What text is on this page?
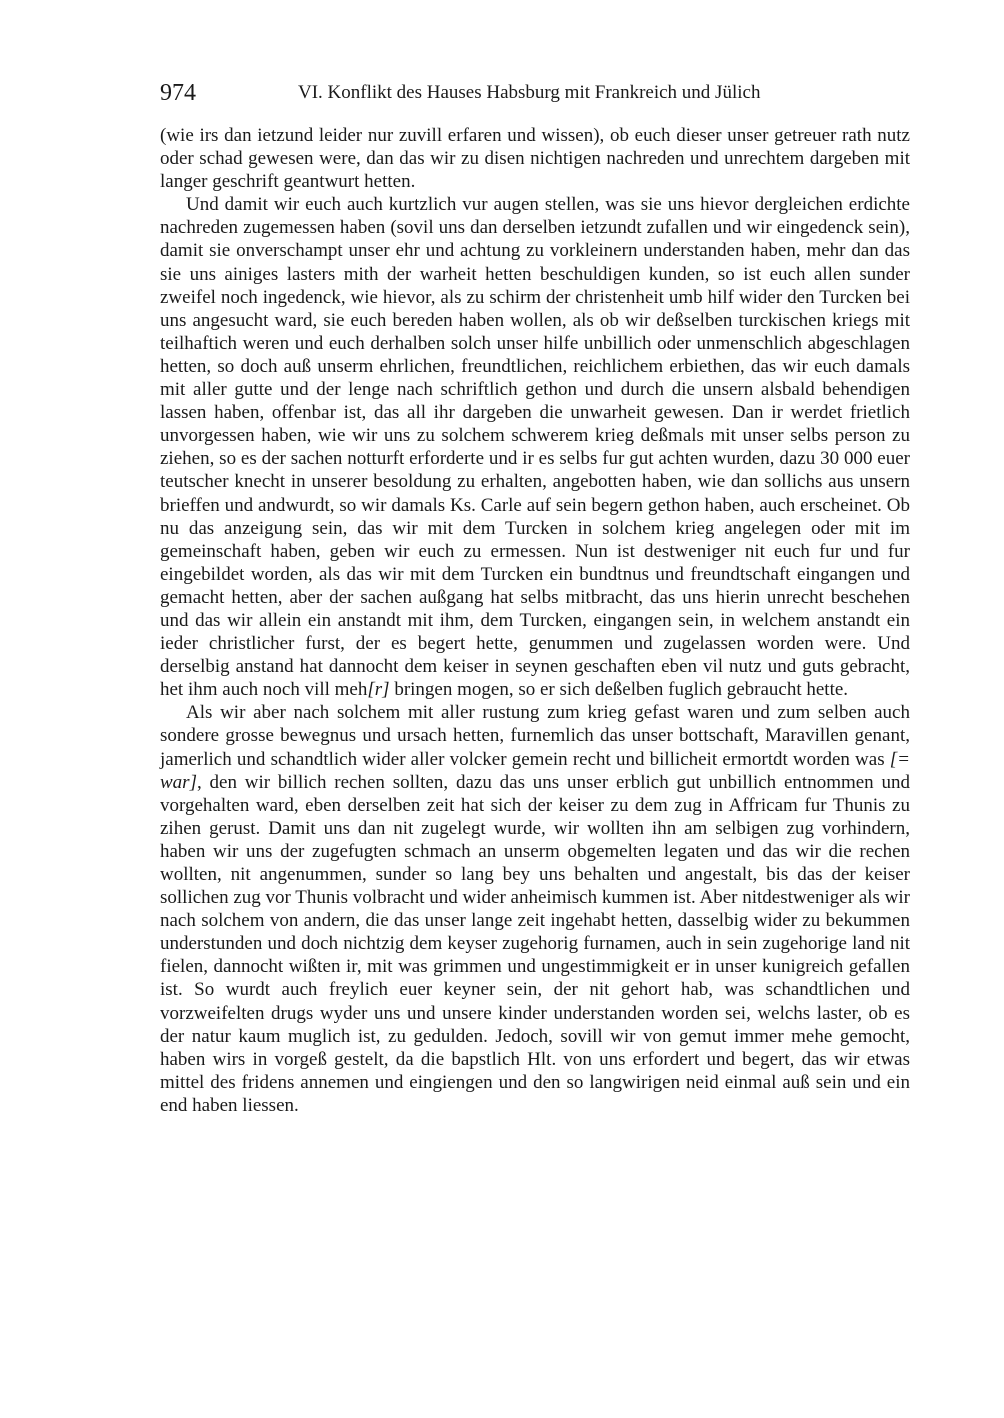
974	VI. Konflikt des Hauses Habsburg mit Frankreich und Jülich

(wie irs dan ietzund leider nur zuvill erfaren und wissen), ob euch dieser unser getreuer rath nutz oder schad gewesen were, dan das wir zu disen nichtigen nachreden und unrechtem dargeben mit langer geschrift geantwurt hetten.

Und damit wir euch auch kurtzlich vur augen stellen, was sie uns hievor dergleichen erdichte nachreden zugemessen haben (sovil uns dan derselben ietzundt zufallen und wir eingedenck sein), damit sie onverschampt unser ehr und achtung zu vorkleinern understanden haben, mehr dan das sie uns ainiges lasters mith der warheit hetten beschuldigen kunden, so ist euch allen sunder zweifel noch ingedenck, wie hievor, als zu schirm der christenheit umb hilf wider den Turcken bei uns angesucht ward, sie euch bereden haben wollen, als ob wir deßselben turckischen kriegs mit teilhaftich weren und euch derhalben solch unser hilfe unbillich oder unmenschlich abgeschlagen hetten, so doch auß unserm ehrlichen, freundtlichen, reichlichem erbiethen, das wir euch damals mit aller gutte und der lenge nach schriftlich gethon und durch die unsern alsbald behendigen lassen haben, offenbar ist, das all ihr dargeben die unwarheit gewesen. Dan ir werdet frietlich unvorgessen haben, wie wir uns zu solchem schwerem krieg deßmals mit unser selbs person zu ziehen, so es der sachen notturft erforderte und ir es selbs fur gut achten wurden, dazu 30 000 euer teutscher knecht in unserer besoldung zu erhalten, angebotten haben, wie dan sollichs aus unsern brieffen und andwurdt, so wir damals Ks. Carle auf sein begern gethon haben, auch erscheinet. Ob nu das anzeigung sein, das wir mit dem Turcken in solchem krieg angelegen oder mit im gemeinschaft haben, geben wir euch zu ermessen. Nun ist destweniger nit euch fur und fur eingebildet worden, als das wir mit dem Turcken ein bundtnus und freundtschaft eingangen und gemacht hetten, aber der sachen außgang hat selbs mitbracht, das uns hierin unrecht beschehen und das wir allein ein anstandt mit ihm, dem Turcken, eingangen sein, in welchem anstandt ein ieder christlicher furst, der es begert hette, genummen und zugelassen worden were. Und derselbig anstand hat dannocht dem keiser in seynen geschaften eben vil nutz und guts gebracht, het ihm auch noch vill meh[r] bringen mogen, so er sich deßelben fuglich gebraucht hette.

Als wir aber nach solchem mit aller rustung zum krieg gefast waren und zum selben auch sondere grosse bewegnus und ursach hetten, furnemlich das unser bottschaft, Maravillen genant, jamerlich und schandtlich wider aller volcker gemein recht und billicheit ermortdt worden was [= war], den wir billich rechen sollten, dazu das uns unser erblich gut unbillich entnommen und vorgehalten ward, eben derselben zeit hat sich der keiser zu dem zug in Affricam fur Thunis zu zihen gerust. Damit uns dan nit zugelegt wurde, wir wollten ihn am selbigen zug vorhindern, haben wir uns der zugefugten schmach an unserm obgemelten legaten und das wir die rechen wollten, nit angenummen, sunder so lang bey uns behalten und angestalt, bis das der keiser sollichen zug vor Thunis volbracht und wider anheimisch kummen ist. Aber nitdestweniger als wir nach solchem von andern, die das unser lange zeit ingehabt hetten, dasselbig wider zu bekummen understunden und doch nichtzig dem keyser zugehorig furnamen, auch in sein zugehorige land nit fielen, dannocht wißten ir, mit was grimmen und ungestimmigkeit er in unser kunigreich gefallen ist. So wurdt auch freylich euer keyner sein, der nit gehort hab, was schandtlichen und vorzweifelten drugs wyder uns und unsere kinder understanden worden sei, welchs laster, ob es der natur kaum muglich ist, zu gedulden. Jedoch, sovill wir von gemut immer mehe gemocht, haben wirs in vorgeß gestelt, da die bapstlich Hlt. von uns erfordert und begert, das wir etwas mittel des fridens annemen und eingiengen und den so langwirigen neid einmal auß sein und ein end haben liessen.
